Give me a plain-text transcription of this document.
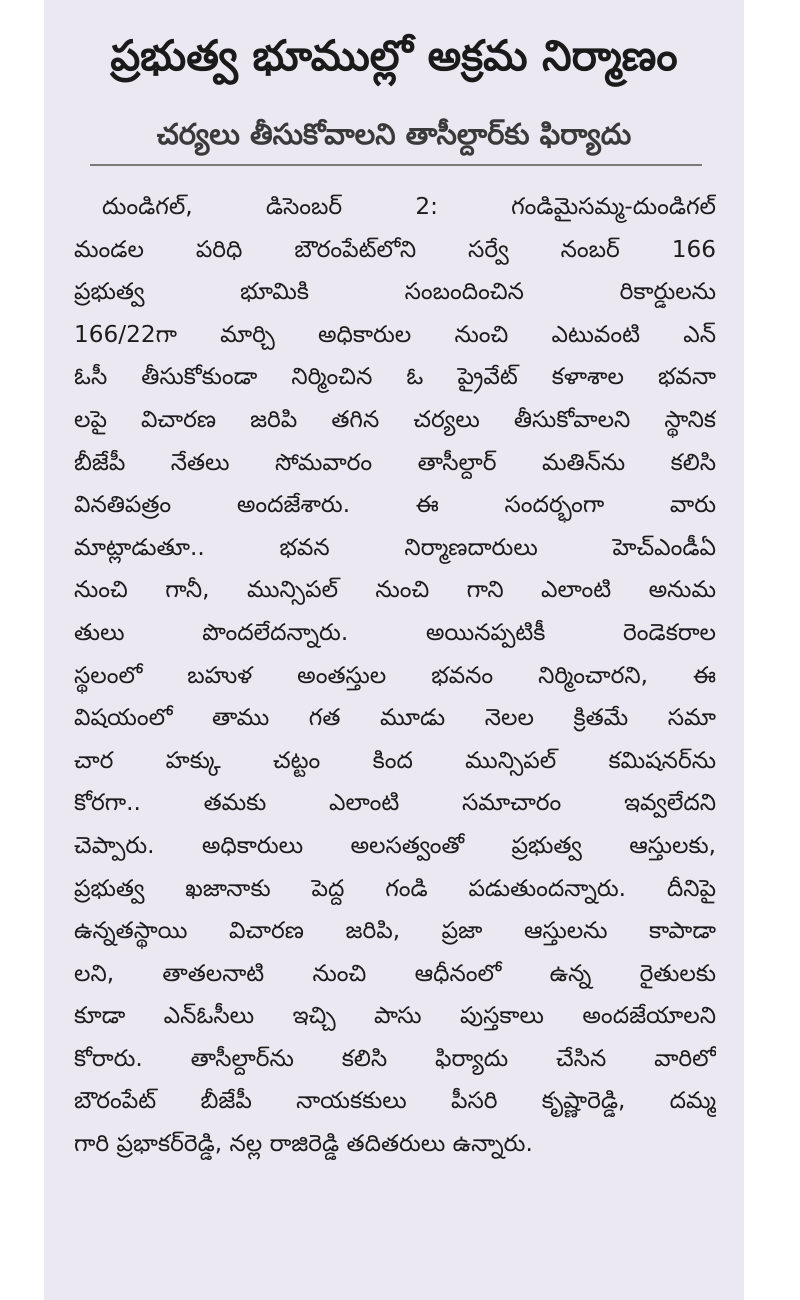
ప్రభుత్వ భూముల్లో అక్రమ నిర్మాణం
చర్యలు తీసుకోవాలని తాసీల్దార్‌కు ఫిర్యాదు
దుండిగల్, డిసెంబర్ 2: గండిమైసమ్మ-దుండిగల్
మండల పరిధి బౌరంపేట్‌లోని సర్వే నంబర్ 166
ప్రభుత్వ భూమికి సంబందించిన రికార్డులను
166/22గా మార్చి అధికారుల నుంచి ఎటువంటి ఎన్
ఓసీ తీసుకోకుండా నిర్మించిన ఓ ప్రైవేట్ కళాశాల భవనా
లపై విచారణ జరిపి తగిన చర్యలు తీసుకోవాలని స్థానిక
బీజేపీ నేతలు సోమవారం తాసీల్దార్ మతిన్‌ను కలిసి
వినతిపత్రం అందజేశారు. ఈ సందర్భంగా వారు
మాట్లాడుతూ.. భవన నిర్మాణదారులు హెచ్ఎండీఏ
నుంచి గానీ, మున్సిపల్ నుంచి గాని ఎలాంటి అనుమ
తులు పొందలేదన్నారు. అయినప్పటికీ రెండెకరాల
స్థలంలో బహుళ అంతస్తుల భవనం నిర్మించారని, ఈ
విషయంలో తాము గత మూడు నెలల క్రితమే సమా
చార హక్కు చట్టం కింద మున్సిపల్ కమిషనర్‌ను
కోరగా.. తమకు ఎలాంటి సమాచారం ఇవ్వలేదని
చెప్పారు. అధికారులు అలసత్వంతో ప్రభుత్వ ఆస్తులకు,
ప్రభుత్వ ఖజానాకు పెద్ద గండి పడుతుందన్నారు. దీనిపై
ఉన్నతస్థాయి విచారణ జరిపి, ప్రజా ఆస్తులను కాపాడా
లని, తాతలనాటి నుంచి ఆధీనంలో ఉన్న రైతులకు
కూడా ఎన్‌ఓసీలు ఇచ్చి పాసు పుస్తకాలు అందజేయాలని
కోరారు. తాసీల్దార్‌ను కలిసి ఫిర్యాదు చేసిన వారిలో
బౌరంపేట్ బీజేపీ నాయకకులు పీసరి కృష్ణారెడ్డి, దమ్మ
గారి ప్రభాకర్‌రెడ్డి, నల్ల రాజిరెడ్డి తదితరులు ఉన్నారు.
